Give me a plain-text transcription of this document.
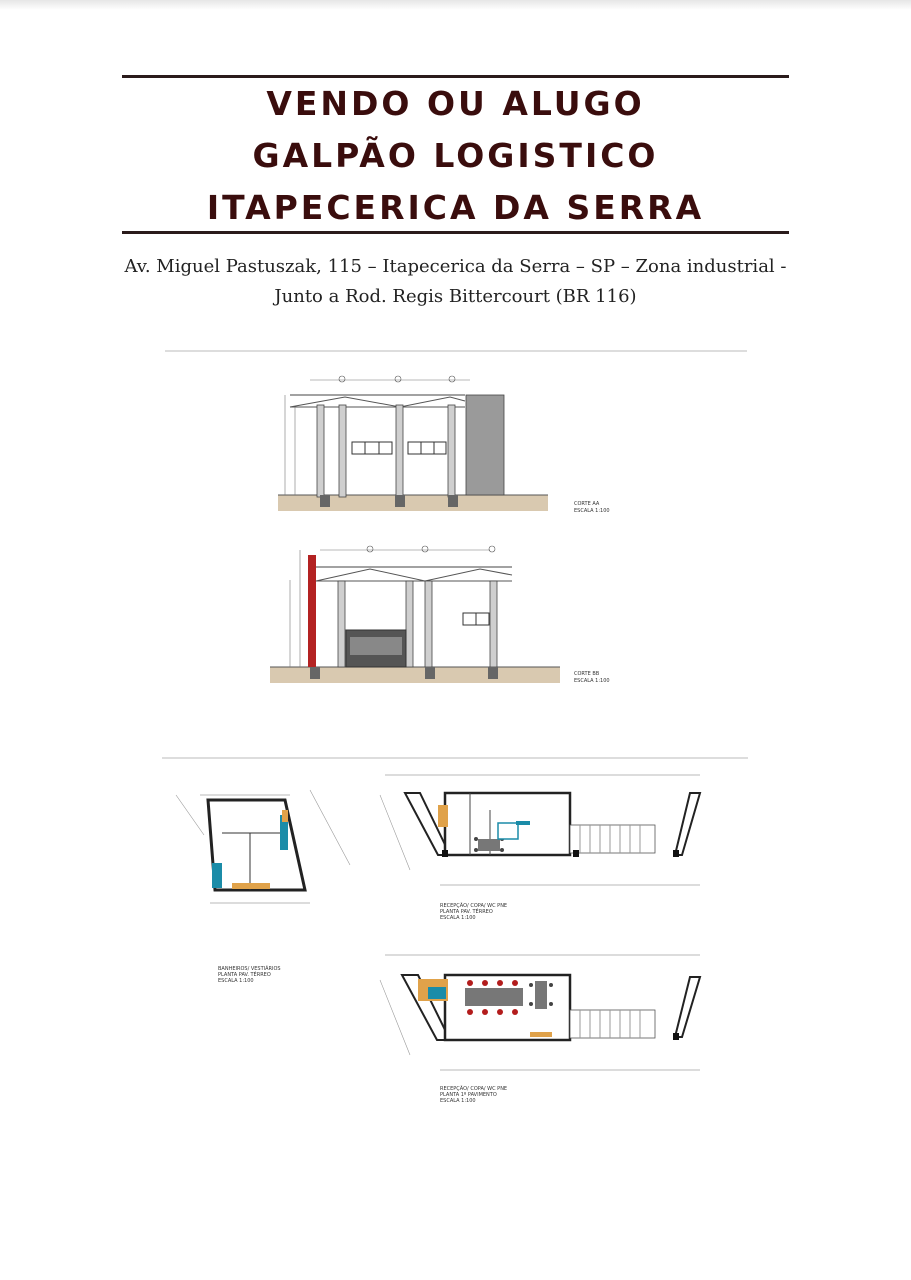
VENDO OU ALUGO
GALPÃO LOGISTICO
ITAPECERICA DA SERRA
Av. Miguel Pastuszak, 115 – Itapecerica da Serra – SP – Zona industrial -
Junto a Rod. Regis Bittercourt (BR 116)
CORTE AA
ESCALA 1:100
CORTE BB
ESCALA 1:100
BANHEIROS/ VESTIÁRIOS
PLANTA PAV. TÉRREO
ESCALA 1:100
RECEPÇÃO/ COPA/ WC PNE
PLANTA PAV. TÉRREO
ESCALA 1:100
RECEPÇÃO/ COPA/ WC PNE
PLANTA 1º PAVIMENTO
ESCALA 1:100
